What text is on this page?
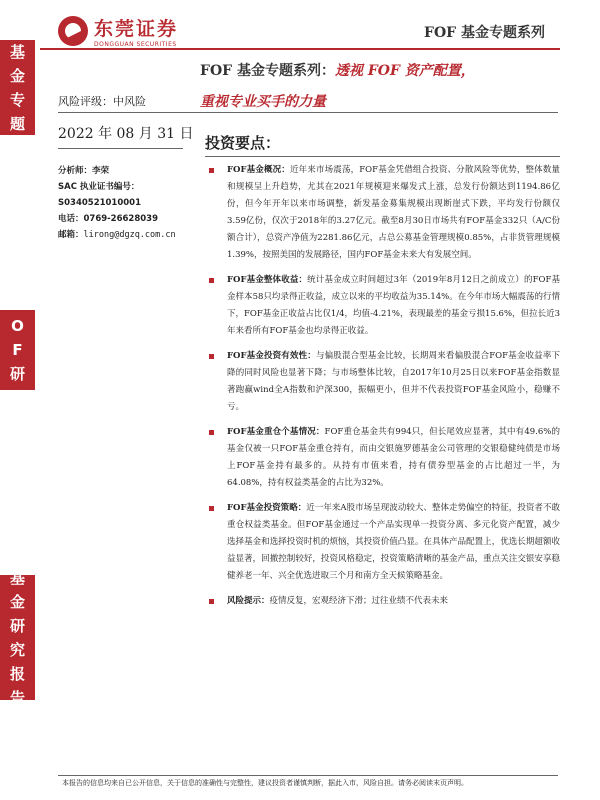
基金专题
FOF研究
基金研究报告
东莞证券
DONGGUAN SECURITIES
FOF 基金专题系列
FOF 基金专题系列：透视 FOF 资产配置，
风险评级：中风险	重视专业买手的力量
2022 年 08 月 31 日 投资要点：
分析师：李荣
SAC 执业证书编号：
S0340521010001
电话：0769-26628039
邮箱：lirong@dgzq.com.cn
FOF基金概况：近年来市场震荡，FOF基金凭借组合投资、分散风险等优势，整体数量和规模呈上升趋势，尤其在2021年规模迎来爆发式上涨，总发行份额达到1194.86亿份，但今年开年以来市场调整，新发基金募集规模出现断崖式下跌，平均发行份额仅3.59亿份，仅次于2018年的3.27亿元。截至8月30日市场共有FOF基金332只（A/C份额合计），总资产净值为2281.86亿元，占总公募基金管理规模0.85%，占非货管理规模1.39%，按照美国的发展路径，国内FOF基金未来大有发展空间。
FOF基金整体收益：统计基金成立时间超过3年（2019年8月12日之前成立）的FOF基金样本58只均录得正收益，成立以来的平均收益为35.14%。在今年市场大幅震荡的行情下，FOF基金正收益占比仅1/4，均值-4.21%，表现最差的基金亏损15.6%，但拉长近3年来看所有FOF基金也均录得正收益。
FOF基金投资有效性：与偏股混合型基金比较，长期周来看偏股混合FOF基金收益率下降的同时风险也显著下降；与市场整体比较，自2017年10月25日以来FOF基金指数显著跑赢wind全A指数和沪深300，振幅更小，但并不代表投资FOF基金风险小，稳赚不亏。
FOF基金重仓个基情况：FOF重仓基金共有994只，但长尾效应显著，其中有49.6%的基金仅被一只FOF基金重仓持有，而由交银施罗德基金公司管理的交银稳健纯债是市场上FOF基金持有最多的。从持有市值来看，持有债券型基金的占比超过一半，为64.08%，持有权益类基金的占比为32%。
FOF基金投资策略：近一年来A股市场呈现波动较大、整体走势偏空的特征，投资者不敢重仓权益类基金。但FOF基金通过一个产品实现单一投资分离、多元化资产配置，减少选择基金和选择投资时机的烦恼，其投资价值凸显。在具体产品配置上，优选长期超额收益显著，回撤控制较好，投资风格稳定，投资策略清晰的基金产品，重点关注交银安享稳健养老一年、兴全优选进取三个月和南方全天候策略基金。
风险提示：疫情反复，宏观经济下滑；过往业绩不代表未来
本报告的信息均来自已公开信息，关于信息的准确性与完整性，建议投资者谨慎判断，据此入市，风险自担。请务必阅读末页声明。
